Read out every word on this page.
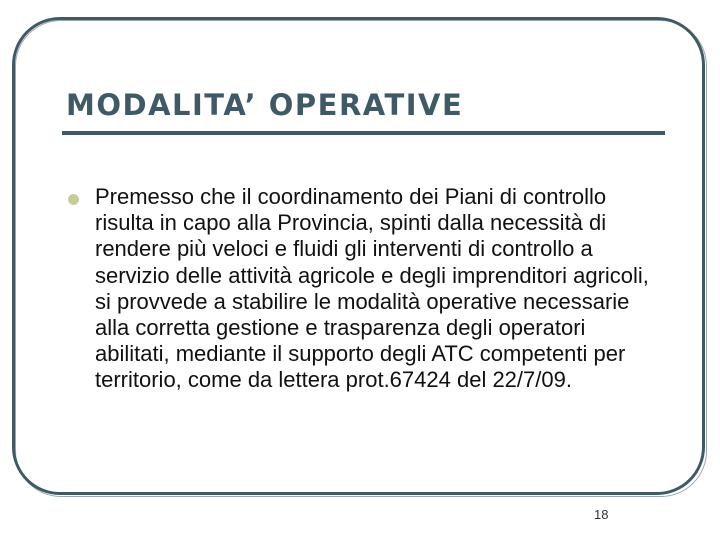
MODALITA’ OPERATIVE

Premesso che il coordinamento dei Piani di controllo risulta in capo alla Provincia, spinti dalla necessità di rendere più veloci e fluidi gli interventi di controllo a servizio delle attività agricole e degli imprenditori agricoli, si provvede a stabilire le modalità operative necessarie alla corretta gestione e trasparenza degli operatori abilitati, mediante il supporto degli ATC competenti per territorio, come da lettera prot.67424 del 22/7/09.

18
